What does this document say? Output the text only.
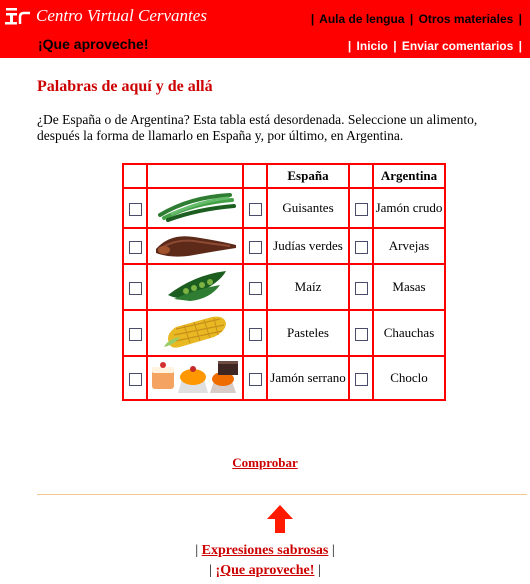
Centro Virtual Cervantes
¡Que aproveche!
| Aula de lengua | Otros materiales |
| Inicio | Enviar comentarios |
Palabras de aquí y de allá
¿De España o de Argentina? Esta tabla está desordenada. Seleccione un alimento, después la forma de llamarlo en España y, por último, en Argentina.
			España		Argentina
			Guisantes		Jamón crudo
			Judías verdes		Arvejas
			Maíz		Masas
			Pasteles		Chauchas
			Jamón serrano		Choclo
Comprobar
| Expresiones sabrosas |
| ¡Que aproveche! |
